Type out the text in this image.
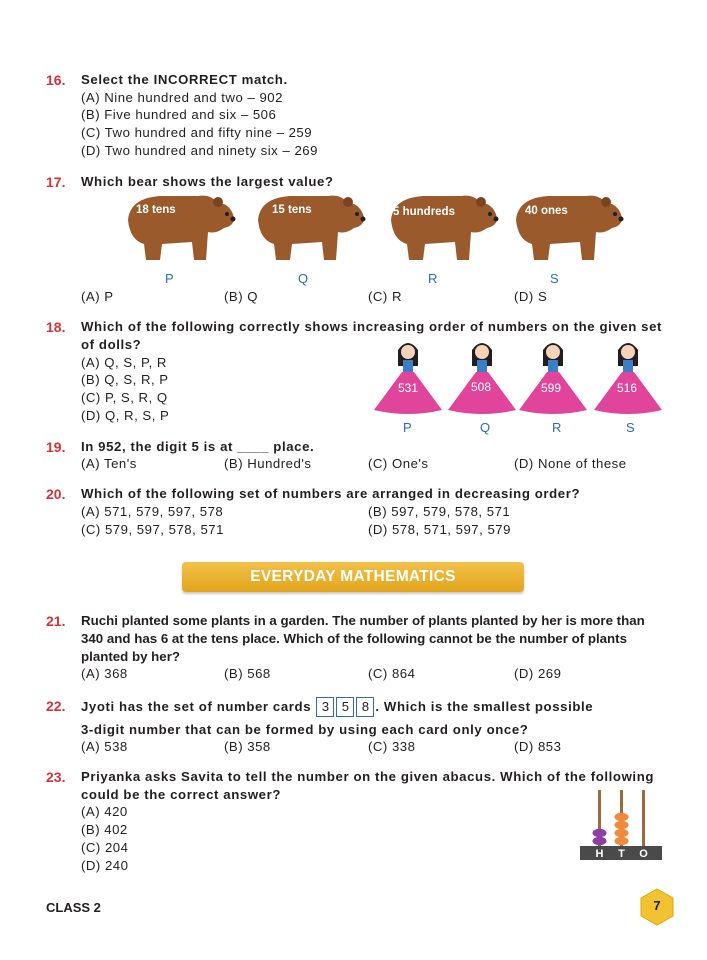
16. Select the INCORRECT match.
(A) Nine hundred and two – 902
(B) Five hundred and six – 506
(C) Two hundred and fifty nine – 259
(D) Two hundred and ninety six – 269
17. Which bear shows the largest value?
18 tens	15 tens	5 hundreds	40 ones
P	Q	R	S
(A) P	(B) Q	(C) R	(D) S
18. Which of the following correctly shows increasing order of numbers on the given set of dolls?
(A) Q, S, P, R
(B) Q, S, R, P
(C) P, S, R, Q
(D) Q, R, S, P
531	508	599	516
P	Q	R	S
19. In 952, the digit 5 is at ____ place.
(A) Ten's	(B) Hundred's	(C) One's	(D) None of these
20. Which of the following set of numbers are arranged in decreasing order?
(A) 571, 579, 597, 578	(B) 597, 579, 578, 571
(C) 579, 597, 578, 571	(D) 578, 571, 597, 579
EVERYDAY MATHEMATICS
21. Ruchi planted some plants in a garden. The number of plants planted by her is more than 340 and has 6 at the tens place. Which of the following cannot be the number of plants planted by her?
(A) 368	(B) 568	(C) 864	(D) 269
22. Jyoti has the set of number cards 3 5 8 . Which is the smallest possible
3-digit number that can be formed by using each card only once?
(A) 538	(B) 358	(C) 338	(D) 853
23. Priyanka asks Savita to tell the number on the given abacus. Which of the following could be the correct answer?
(A) 420
(B) 402
(C) 204
(D) 240
H T O
CLASS 2	7
